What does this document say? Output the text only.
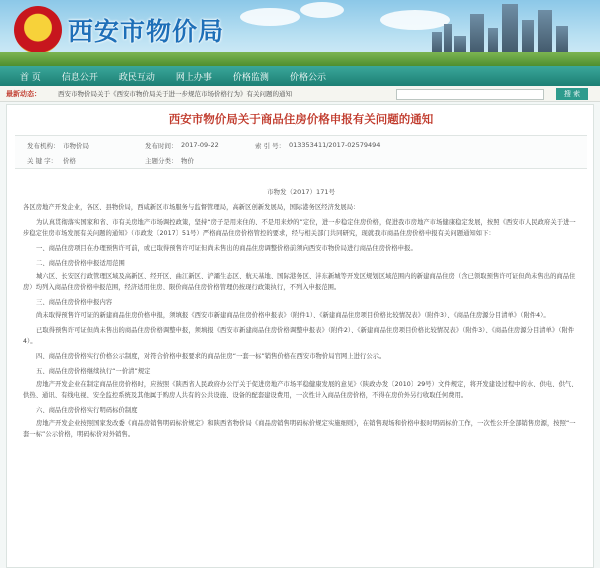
★ 西安市物价局
首 页 信息公开 政民互动 网上办事 价格监测 价格公示
最新动态：	西安市物价局关于《西安市物价局关于进一步规范市场价格行为》有关问题的通知	搜 索
西安市物价局关于商品住房价格申报有关问题的通知
发布机构： 市物价局	发布时间： 2017-09-22	索 引 号： 013353411/2017-02579494
关 键 字： 价格	主题分类： 物价
市物发（2017）171号

各区房地产开发企业，各区、县物价局，西咸新区市场服务与监督管理局，高新区创新发展局，国际港务区经济发展局：

为认真贯彻落实国家和省、市有关房地产市场调控政策，坚持“房子是用来住的、不是用来炒的”定位，进一步稳定住房价格，促进我市房地产市场健康稳定发展，按照《西安市人民政府关于进一步稳定住房市场发展有关问题的通知》（市政发〔2017〕51号）严格商品住房价格管控的要求，经与相关部门共同研究，现就我市商品住房价格申报有关问题通知如下：

一、商品住房项目在办理预售许可前，或已取得预售许可证但尚未售出的商品住房调整价格前须向西安市物价局进行商品住房价格申报。

二、商品住房价格申报适用范围

城六区、长安区行政管理区域及高新区、经开区、曲江新区、浐灞生态区、航天基地、国际港务区、沣东新城等开发区规划区域范围内的新建商品住房（含已领取预售许可证但尚未售出的商品住房）均列入商品住房价格申报范围，经济适用住房、限价商品住房价格管理仍按现行政策执行，不列入申报范围。

三、商品住房价格申报内容

尚未取得预售许可证的新建商品住房价格申报，须填报《西安市新建商品住房价格申报表》（附件1）、《新建商品住房项目价格比较情况表》（附件3）、《商品住房源分目清单》（附件4）。

已取得预售许可证但尚未售出的商品住房价格调整申报，须填报《西安市新建商品住房价格调整申报表》（附件2）、《新建商品住房项目价格比较情况表》（附件3）、《商品住房源分目清单》（附件4）。

四、商品住房价格实行价格公示制度，对符合价格申报要求的商品住房“一套一标”销售价格在西安市物价局官网上进行公示。

五、商品住房价格继续执行“一价清”规定

房地产开发企业在制定商品住房价格时，应按照《陕西省人民政府办公厅关于促进房地产市场平稳健康发展的意见》（陕政办发〔2010〕29号）文件规定，将开发建设过程中的水、供电、供气、供热、通讯、有线电视、安全监控系统及其他属于购房人共有的公共设施、设备的配套建设费用，一次性计入商品住房价格，不得在房价外另行收取任何费用。

六、商品住房价格实行明码标价制度

房地产开发企业按照国家发改委《商品房销售明码标价规定》和陕西省物价局《商品房销售明码标价规定实施细则》，在销售现场和价格申报时明码标价工作，一次性公开全部销售房源，按照“一套一标”公示价格，明码标价对外销售。
